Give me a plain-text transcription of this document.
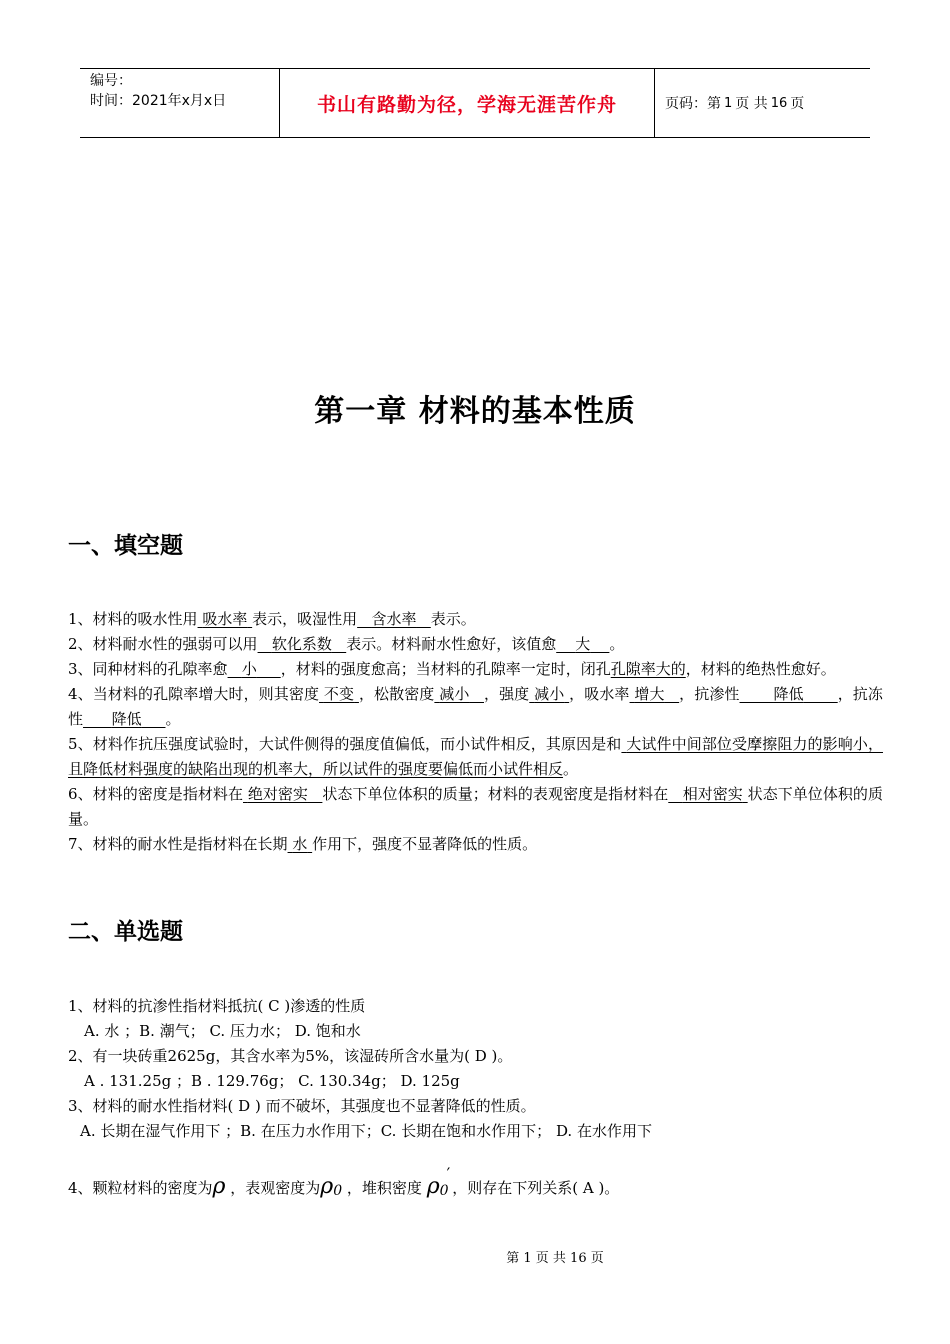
编号：
时间：2021年x月x日	书山有路勤为径，学海无涯苦作舟	页码：第 1 页 共 16 页
第一章 材料的基本性质
一、填空题

1、材料的吸水性用 吸水率 表示，吸湿性用 含水率 表示。

2、材料耐水性的强弱可以用 软化系数 表示。材料耐水性愈好，该值愈 大 。

3、同种材料的孔隙率愈 小 ，材料的强度愈高；当材料的孔隙率一定时，闭孔孔隙率大的，材料的绝热性愈好。

4、当材料的孔隙率增大时，则其密度 不变 ，松散密度 减小 ，强度 减小 ，吸水率 增大 ，抗渗性 降低 ，抗冻性 降低 。

5、材料作抗压强度试验时，大试件侧得的强度值偏低，而小试件相反，其原因是和 大试件中间部位受摩擦阻力的影响小，且降低材料强度的缺陷出现的机率大，所以试件的强度要偏低而小试件相反。

6、材料的密度是指材料在 绝对密实 状态下单位体积的质量；材料的表观密度是指材料在 相对密实 状态下单位体积的质量。

7、材料的耐水性是指材料在长期 水 作用下，强度不显著降低的性质。

二、单选题

1、材料的抗渗性指材料抵抗( C )渗透的性质

A. 水 ；B. 潮气； C. 压力水； D. 饱和水

2、有一块砖重2625g，其含水率为5%，该湿砖所含水量为( D )。

A . 131.25g ；B . 129.76g； C. 130.34g； D. 125g

3、材料的耐水性指材料( D ) 而不破坏，其强度也不显著降低的性质。

A. 长期在湿气作用下 ；B. 在压力水作用下；C. 长期在饱和水作用下； D. 在水作用下

4、颗粒材料的密度为ρ ，表观密度为ρ0 ，堆积密度 ρ0′，则存在下列关系( A )。
第 1 页 共 16 页
